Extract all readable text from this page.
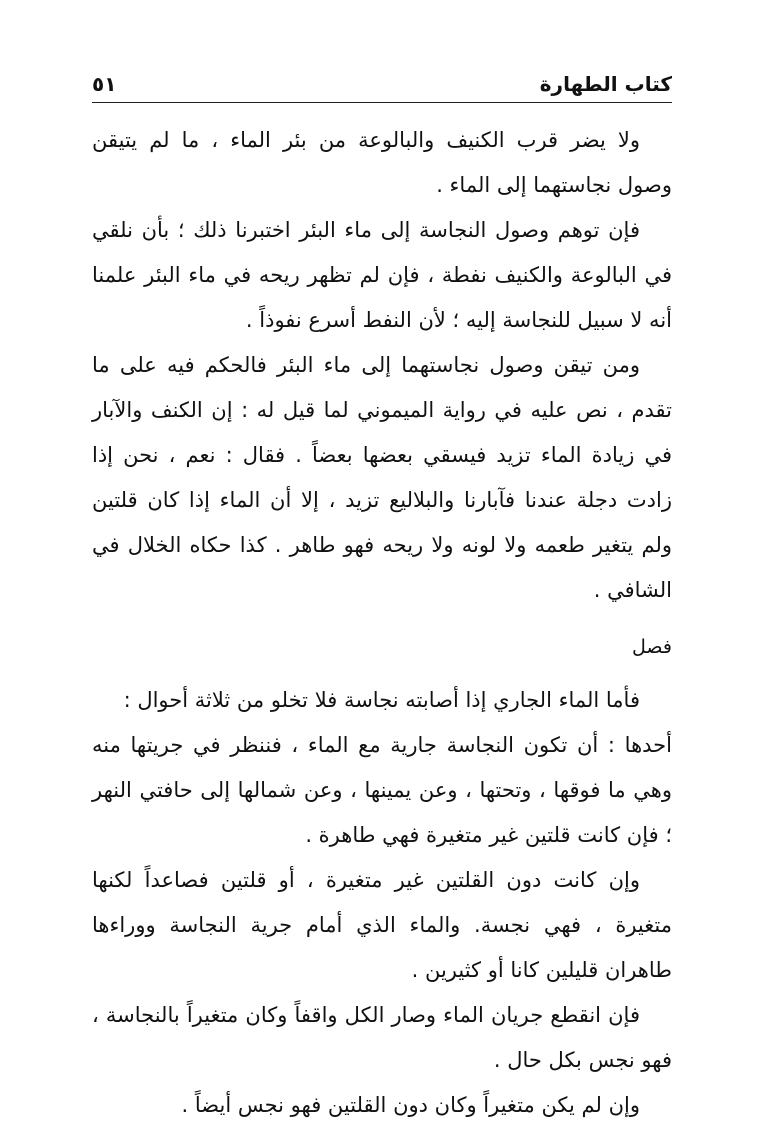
كتاب الطهارة
٥١

ولا يضر قرب الكنيف والبالوعة من بئر الماء ، ما لم يتيقن وصول نجاستهما إلى الماء .

فإن توهم وصول النجاسة إلى ماء البئر اختبرنا ذلك ؛ بأن نلقي في البالوعة والكنيف نفطة ، فإن لم تظهر ريحه في ماء البئر علمنا أنه لا سبيل للنجاسة إليه ؛ لأن النفط أسرع نفوذاً .

ومن تيقن وصول نجاستهما إلى ماء البئر فالحكم فيه على ما تقدم ، نص عليه في رواية الميموني لما قيل له : إن الكنف والآبار في زيادة الماء تزيد فيسقي بعضها بعضاً . فقال : نعم ، نحن إذا زادت دجلة عندنا فآبارنا والبلاليع تزيد ، إلا أن الماء إذا كان قلتين ولم يتغير طعمه ولا لونه ولا ريحه فهو طاهر . كذا حكاه الخلال في الشافي .

فصل

فأما الماء الجاري إذا أصابته نجاسة فلا تخلو من ثلاثة أحوال :

أحدها : أن تكون النجاسة جارية مع الماء ، فننظر في جريتها منه وهي ما فوقها ، وتحتها ، وعن يمينها ، وعن شمالها إلى حافتي النهر ؛ فإن كانت قلتين غير متغيرة فهي طاهرة .

وإن كانت دون القلتين غير متغيرة ، أو قلتين فصاعداً لكنها متغيرة ، فهي نجسة. والماء الذي أمام جرية النجاسة ووراءها طاهران قليلين كانا أو كثيرين .

فإن انقطع جريان الماء وصار الكل واقفاً وكان متغيراً بالنجاسة ، فهو نجس بكل حال .

وإن لم يكن متغيراً وكان دون القلتين فهو نجس أيضاً .
